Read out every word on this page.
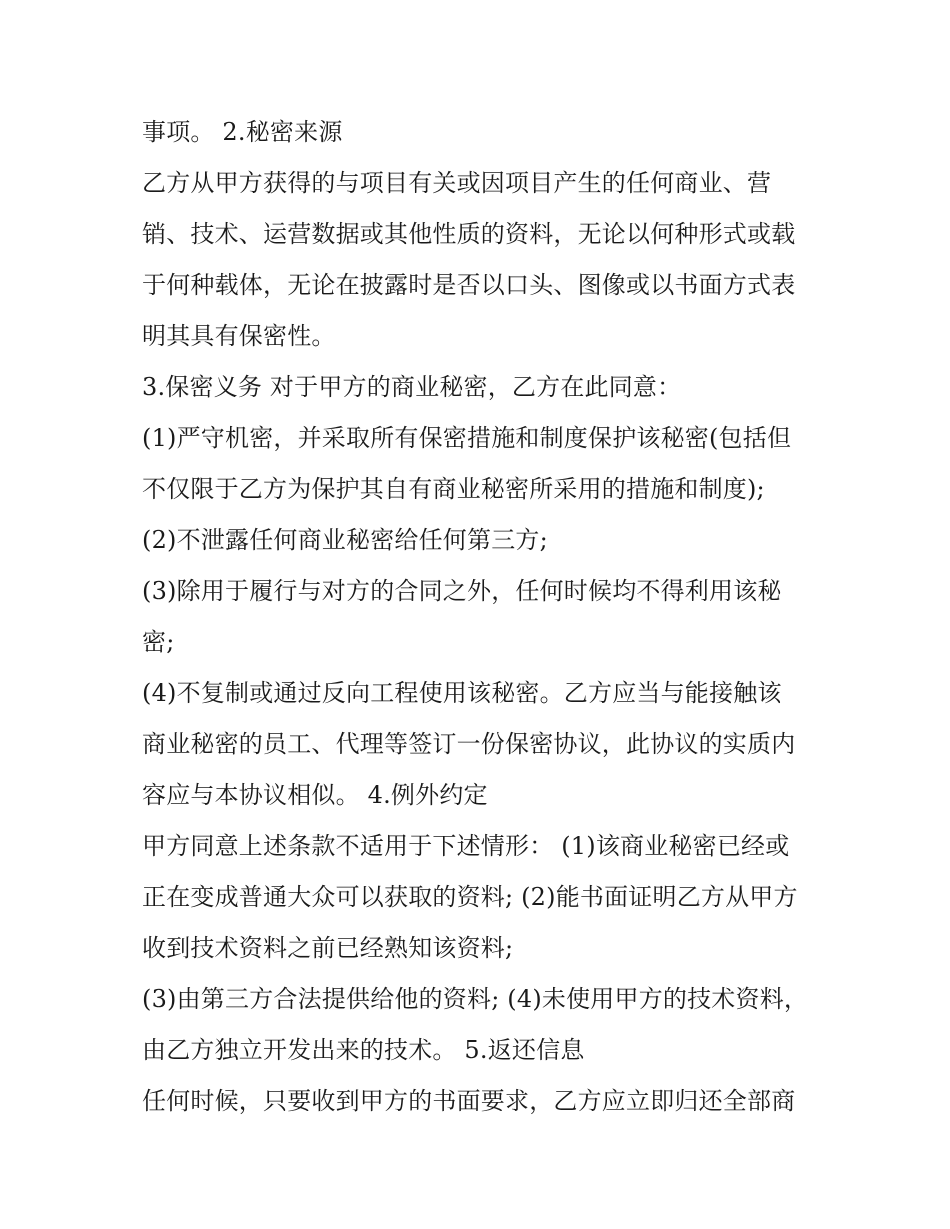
事项。 2.秘密来源
乙方从甲方获得的与项目有关或因项目产生的任何商业、营
销、技术、运营数据或其他性质的资料，无论以何种形式或载
于何种载体，无论在披露时是否以口头、图像或以书面方式表
明其具有保密性。
3.保密义务 对于甲方的商业秘密，乙方在此同意：
(1)严守机密，并采取所有保密措施和制度保护该秘密(包括但
不仅限于乙方为保护其自有商业秘密所采用的措施和制度);
(2)不泄露任何商业秘密给任何第三方;
(3)除用于履行与对方的合同之外，任何时候均不得利用该秘
密;
(4)不复制或通过反向工程使用该秘密。乙方应当与能接触该
商业秘密的员工、代理等签订一份保密协议，此协议的实质内
容应与本协议相似。 4.例外约定
甲方同意上述条款不适用于下述情形： (1)该商业秘密已经或
正在变成普通大众可以获取的资料; (2)能书面证明乙方从甲方
收到技术资料之前已经熟知该资料;
(3)由第三方合法提供给他的资料; (4)未使用甲方的技术资料，
由乙方独立开发出来的技术。 5.返还信息
任何时候，只要收到甲方的书面要求，乙方应立即归还全部商
